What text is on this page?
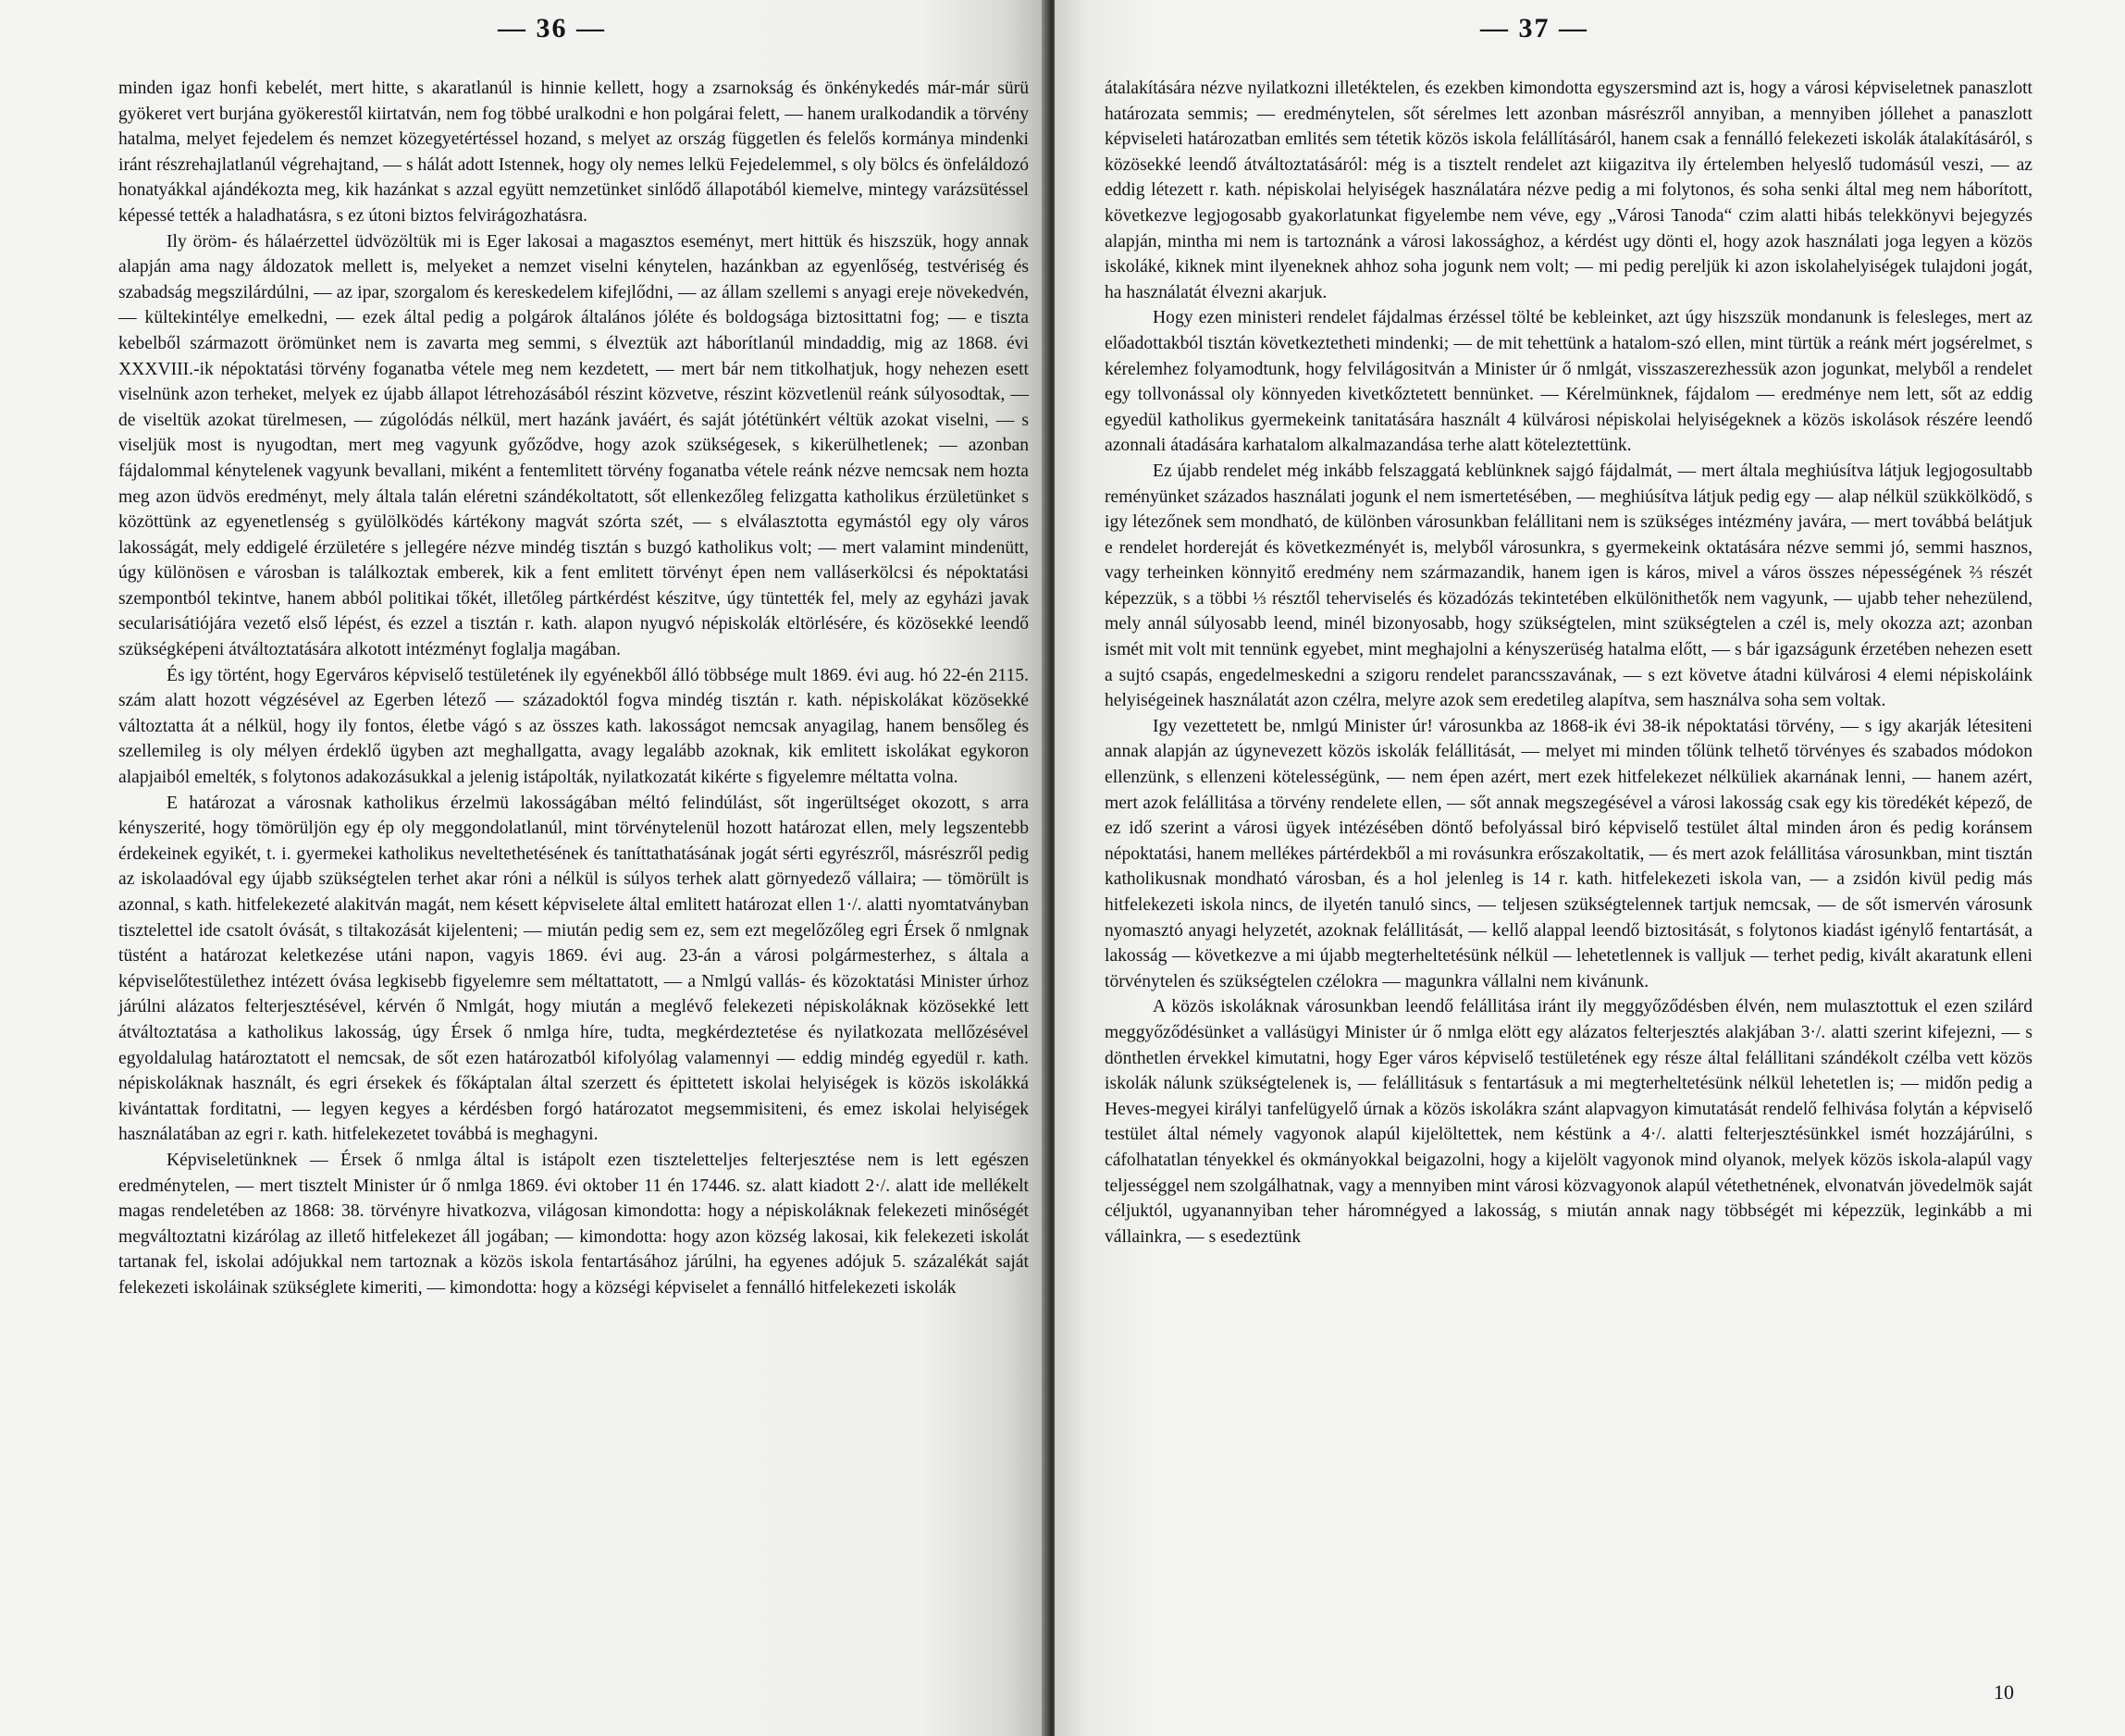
— 36 —

minden igaz honfi kebelét, mert hitte, s akaratlanúl is hinnie kellett, hogy a zsarnokság és önkénykedés már-már sürü gyökeret vert burjána gyökerestől kiirtatván, nem fog többé uralkodni e hon polgárai felett, — hanem uralkodandik a törvény hatalma, melyet fejedelem és nemzet közegyetértéssel hozand, s melyet az ország független és felelős kormánya mindenki iránt részrehajlatlanúl végrehajtand, — s hálát adott Istennek, hogy oly nemes lelkü Fejedelemmel, s oly bölcs és önfeláldozó honatyákkal ajándékozta meg, kik hazánkat s azzal együtt nemzetünket sinlődő állapotából kiemelve, mintegy varázsütéssel képessé tették a haladhatásra, s ez útoni biztos felvirágozhatásra.

Ily öröm- és hálaérzettel üdvözöltük mi is Eger lakosai a magasztos eseményt, mert hittük és hiszszük, hogy annak alapján ama nagy áldozatok mellett is, melyeket a nemzet viselni kénytelen, hazánkban az egyenlőség, testvériség és szabadság megszilárdúlni, — az ipar, szorgalom és kereskedelem kifejlődni, — az állam szellemi s anyagi ereje növekedvén, — kültekintélye emelkedni, — ezek által pedig a polgárok általános jóléte és boldogsága biztosittatni fog; — e tiszta kebelből származott örömünket nem is zavarta meg semmi, s élveztük azt háborítlanúl mindaddig, mig az 1868. évi XXXVIII.-ik népoktatási törvény foganatba vétele meg nem kezdetett, — mert bár nem titkolhatjuk, hogy nehezen esett viselnünk azon terheket, melyek ez újabb állapot létrehozásából részint közvetve, részint közvetlenül reánk súlyosodtak, — de viseltük azokat türelmesen, — zúgolódás nélkül, mert hazánk javáért, és saját jótétünkért véltük azokat viselni, — s viseljük most is nyugodtan, mert meg vagyunk győződve, hogy azok szükségesek, s kikerülhetlenek; — azonban fájdalommal kénytelenek vagyunk bevallani, miként a fentemlitett törvény foganatba vétele reánk nézve nemcsak nem hozta meg azon üdvös eredményt, mely általa talán eléretni szándékoltatott, sőt ellenkezőleg felizgatta katholikus érzületünket s közöttünk az egyenetlenség s gyülölködés kártékony magvát szórta szét, — s elválasztotta egymástól egy oly város lakosságát, mely eddigelé érzületére s jellegére nézve mindég tisztán s buzgó katholikus volt; — mert valamint mindenütt, úgy különösen e városban is találkoztak emberek, kik a fent emlitett törvényt épen nem valláserkölcsi és népoktatási szempontból tekintve, hanem abból politikai tőkét, illetőleg pártkérdést készitve, úgy tüntették fel, mely az egyházi javak secularisátiójára vezető első lépést, és ezzel a tisztán r. kath. alapon nyugvó népiskolák eltörlésére, és közösekké leendő szükségképeni átváltoztatására alkotott intézményt foglalja magában.

És igy történt, hogy Egerváros képviselő testületének ily egyénekből álló többsége mult 1869. évi aug. hó 22-én 2115. szám alatt hozott végzésével az Egerben létező — századoktól fogva mindég tisztán r. kath. népiskolákat közösekké változtatta át a nélkül, hogy ily fontos, életbe vágó s az összes kath. lakosságot nemcsak anyagilag, hanem bensőleg és szellemileg is oly mélyen érdeklő ügyben azt meghallgatta, avagy legalább azoknak, kik emlitett iskolákat egykoron alapjaiból emelték, s folytonos adakozásukkal a jelenig istápolták, nyilatkozatát kikérte s figyelemre méltatta volna.

E határozat a városnak katholikus érzelmü lakosságában méltó felindúlást, sőt ingerültséget okozott, s arra kényszerité, hogy tömörüljön egy ép oly meggondolatlanúl, mint törvénytelenül hozott határozat ellen, mely legszentebb érdekeinek egyikét, t. i. gyermekei katholikus neveltethetésének és taníttathatásának jogát sérti egyrészről, másrészről pedig az iskolaadóval egy újabb szükségtelen terhet akar róni a nélkül is súlyos terhek alatt görnyedező vállaira; — tömörült is azonnal, s kath. hitfelekezeté alakitván magát, nem késett képviselete által emlitett határozat ellen 1·/. alatti nyomtatványban tisztelettel ide csatolt óvását, s tiltakozását kijelenteni; — miután pedig sem ez, sem ezt megelőzőleg egri Érsek ő nmlgnak tüstént a határozat keletkezése utáni napon, vagyis 1869. évi aug. 23-án a városi polgármesterhez, s általa a képviselőtestülethez intézett óvása legkisebb figyelemre sem méltattatott, — a Nmlgú vallás- és közoktatási Minister úrhoz járúlni alázatos felterjesztésével, kérvén ő Nmlgát, hogy miután a meglévő felekezeti népiskoláknak közösekké lett átváltoztatása a katholikus lakosság, úgy Érsek ő nmlga híre, tudta, megkérdeztetése és nyilatkozata mellőzésével egyoldalulag határoztatott el nemcsak, de sőt ezen határozatból kifolyólag valamennyi — eddig mindég egyedül r. kath. népiskoláknak használt, és egri érsekek és főkáptalan által szerzett és épittetett iskolai helyiségek is közös iskolákká kivántattak forditatni, — legyen kegyes a kérdésben forgó határozatot megsemmisiteni, és emez iskolai helyiségek használatában az egri r. kath. hitfelekezetet továbbá is meghagyni.

Képviseletünknek — Érsek ő nmlga által is istápolt ezen tiszteletteljes felterjesztése nem is lett egészen eredménytelen, — mert tisztelt Minister úr ő nmlga 1869. évi oktober 11 én 17446. sz. alatt kiadott 2·/. alatt ide mellékelt magas rendeletében az 1868: 38. törvényre hivatkozva, világosan kimondotta: hogy a népiskoláknak felekezeti minőségét megváltoztatni kizárólag az illető hitfelekezet áll jogában; — kimondotta: hogy azon község lakosai, kik felekezeti iskolát tartanak fel, iskolai adójukkal nem tartoznak a közös iskola fentartásához járúlni, ha egyenes adójuk 5. százalékát saját felekezeti iskoláinak szükséglete kimeriti, — kimondotta: hogy a községi képviselet a fennálló hitfelekezeti iskolák

— 37 —

átalakítására nézve nyilatkozni illetéktelen, és ezekben kimondotta egyszersmind azt is, hogy a városi képviseletnek panaszlott határozata semmis; — eredménytelen, sőt sérelmes lett azonban másrészről annyiban, a mennyiben jóllehet a panaszlott képviseleti határozatban emlités sem tétetik közös iskola felállításáról, hanem csak a fennálló felekezeti iskolák átalakításáról, s közösekké leendő átváltoztatásáról: még is a tisztelt rendelet azt kiigazitva ily értelemben helyeslő tudomásúl veszi, — az eddig létezett r. kath. népiskolai helyiségek használatára nézve pedig a mi folytonos, és soha senki által meg nem háborított, következve legjogosabb gyakorlatunkat figyelembe nem véve, egy „Városi Tanoda“ czim alatti hibás telekkönyvi bejegyzés alapján, mintha mi nem is tartoznánk a városi lakossághoz, a kérdést ugy dönti el, hogy azok használati joga legyen a közös iskoláké, kiknek mint ilyeneknek ahhoz soha jogunk nem volt; — mi pedig pereljük ki azon iskolahelyiségek tulajdoni jogát, ha használatát élvezni akarjuk.

Hogy ezen ministeri rendelet fájdalmas érzéssel tölté be kebleinket, azt úgy hiszszük mondanunk is felesleges, mert az előadottakból tisztán következtetheti mindenki; — de mit tehettünk a hatalom-szó ellen, mint türtük a reánk mért jogsérelmet, s kérelemhez folyamodtunk, hogy felvilágositván a Minister úr ő nmlgát, visszaszerezhessük azon jogunkat, melyből a rendelet egy tollvonással oly könnyeden kivetkőztetett bennünket. — Kérelmünknek, fájdalom — eredménye nem lett, sőt az eddig egyedül katholikus gyermekeink tanitatására használt 4 külvárosi népiskolai helyiségeknek a közös iskolások részére leendő azonnali átadására karhatalom alkalmazandása terhe alatt köteleztettünk.

Ez újabb rendelet még inkább felszaggatá keblünknek sajgó fájdalmát, — mert általa meghiúsítva látjuk legjogosultabb reményünket százados használati jogunk el nem ismertetésében, — meghiúsítva látjuk pedig egy — alap nélkül szükkölködő, s igy létezőnek sem mondható, de különben városunkban felállitani nem is szükséges intézmény javára, — mert továbbá belátjuk e rendelet hordereját és következményét is, melyből városunkra, s gyermekeink oktatására nézve semmi jó, semmi hasznos, vagy terheinken könnyitő eredmény nem származandik, hanem igen is káros, mivel a város összes népességének ⅔ részét képezzük, s a többi ⅓ résztől teherviselés és közadózás tekintetében elkülönithetők nem vagyunk, — ujabb teher nehezülend, mely annál súlyosabb leend, minél bizonyosabb, hogy szükségtelen, mint szükségtelen a czél is, mely okozza azt; azonban ismét mit volt mit tennünk egyebet, mint meghajolni a kényszerüség hatalma előtt, — s bár igazságunk érzetében nehezen esett a sujtó csapás, engedelmeskedni a szigoru rendelet parancsszavának, — s ezt követve átadni külvárosi 4 elemi népiskoláink helyiségeinek használatát azon czélra, melyre azok sem eredetileg alapítva, sem használva soha sem voltak.

Igy vezettetett be, nmlgú Minister úr! városunkba az 1868-ik évi 38-ik népoktatási törvény, — s igy akarják létesiteni annak alapján az úgynevezett közös iskolák felállitását, — melyet mi minden tőlünk telhető törvényes és szabados módokon ellenzünk, s ellenzeni kötelességünk, — nem épen azért, mert ezek hitfelekezet nélküliek akarnának lenni, — hanem azért, mert azok felállitása a törvény rendelete ellen, — sőt annak megszegésével a városi lakosság csak egy kis töredékét képező, de ez idő szerint a városi ügyek intézésében döntő befolyással biró képviselő testület által minden áron és pedig koránsem népoktatási, hanem mellékes pártérdekből a mi rovásunkra erőszakoltatik, — és mert azok felállitása városunkban, mint tisztán katholikusnak mondható városban, és a hol jelenleg is 14 r. kath. hitfelekezeti iskola van, — a zsidón kivül pedig más hitfelekezeti iskola nincs, de ilyetén tanuló sincs, — teljesen szükségtelennek tartjuk nemcsak, — de sőt ismervén városunk nyomasztó anyagi helyzetét, azoknak felállitását, — kellő alappal leendő biztositását, s folytonos kiadást igénylő fentartását, a lakosság — következve a mi újabb megterheltetésünk nélkül — lehetetlennek is valljuk — terhet pedig, kivált akaratunk elleni törvénytelen és szükségtelen czélokra — magunkra vállalni nem kivánunk.

A közös iskoláknak városunkban leendő felállitása iránt ily meggyőződésben élvén, nem mulasztottuk el ezen szilárd meggyőződésünket a vallásügyi Minister úr ő nmlga elött egy alázatos felterjesztés alakjában 3·/. alatti szerint kifejezni, — s dönthetlen érvekkel kimutatni, hogy Eger város képviselő testületének egy része által felállitani szándékolt czélba vett közös iskolák nálunk szükségtelenek is, — felállitásuk s fentartásuk a mi megterheltetésünk nélkül lehetetlen is; — midőn pedig a Heves-megyei királyi tanfelügyelő úrnak a közös iskolákra szánt alapvagyon kimutatását rendelő felhivása folytán a képviselő testület által némely vagyonok alapúl kijelöltettek, nem késtünk a 4·/. alatti felterjesztésünkkel ismét hozzájárúlni, s cáfolhatatlan tényekkel és okmányokkal beigazolni, hogy a kijelölt vagyonok mind olyanok, melyek közös iskola-alapúl vagy teljességgel nem szolgálhatnak, vagy a mennyiben mint városi közvagyonok alapúl vétethetnének, elvonatván jövedelmök saját céljuktól, ugyanannyiban teher háromnégyed a lakosság, s miután annak nagy többségét mi képezzük, leginkább a mi vállainkra, — s esedeztünk

10
